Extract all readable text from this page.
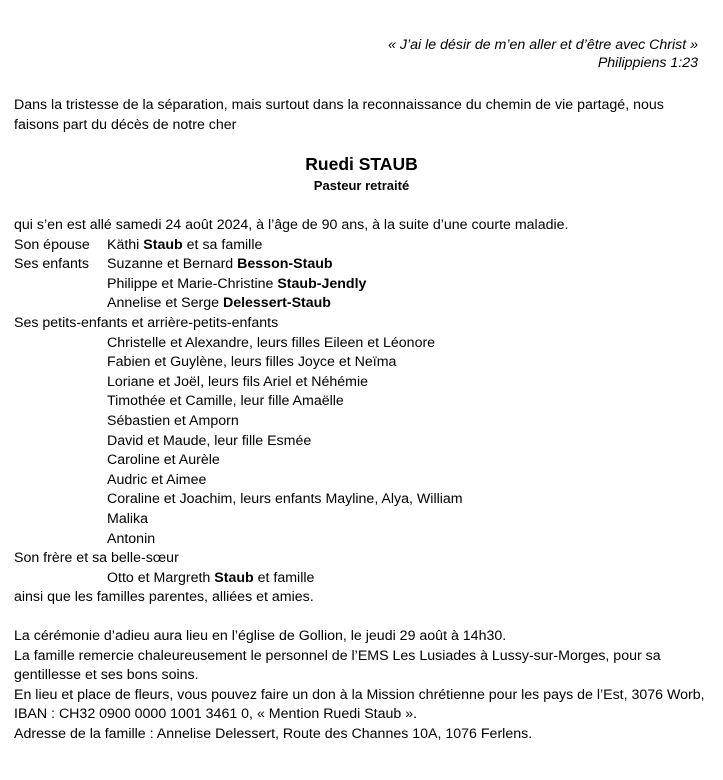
« J’ai le désir de m’en aller et d’être avec Christ »
Philippiens 1:23
Dans la tristesse de la séparation, mais surtout dans la reconnaissance du chemin de vie partagé, nous faisons part du décès de notre cher
Ruedi STAUB
Pasteur retraité
qui s’en est allé samedi 24 août 2024, à l’âge de 90 ans, à la suite d’une courte maladie.
Son épouse Käthi Staub et sa famille
Ses enfants Suzanne et Bernard Besson-Staub
Philippe et Marie-Christine Staub-Jendly
Annelise et Serge Delessert-Staub
Ses petits-enfants et arrière-petits-enfants
Christelle et Alexandre, leurs filles Eileen et Léonore
Fabien et Guylène, leurs filles Joyce et Neïma
Loriane et Joël, leurs fils Ariel et Néhémie
Timothée et Camille, leur fille Amaëlle
Sébastien et Amporn
David et Maude, leur fille Esmée
Caroline et Aurèle
Audric et Aimee
Coraline et Joachim, leurs enfants Mayline, Alya, William
Malika
Antonin
Son frère et sa belle-sœur
Otto et Margreth Staub et famille
ainsi que les familles parentes, alliées et amies.

La cérémonie d’adieu aura lieu en l’église de Gollion, le jeudi 29 août à 14h30.

La famille remercie chaleureusement le personnel de l’EMS Les Lusiades à Lussy-sur-Morges, pour sa gentillesse et ses bons soins.

En lieu et place de fleurs, vous pouvez faire un don à la Mission chrétienne pour les pays de l’Est, 3076 Worb, IBAN : CH32 0900 0000 1001 3461 0, « Mention Ruedi Staub ».

Adresse de la famille : Annelise Delessert, Route des Channes 10A, 1076 Ferlens.
